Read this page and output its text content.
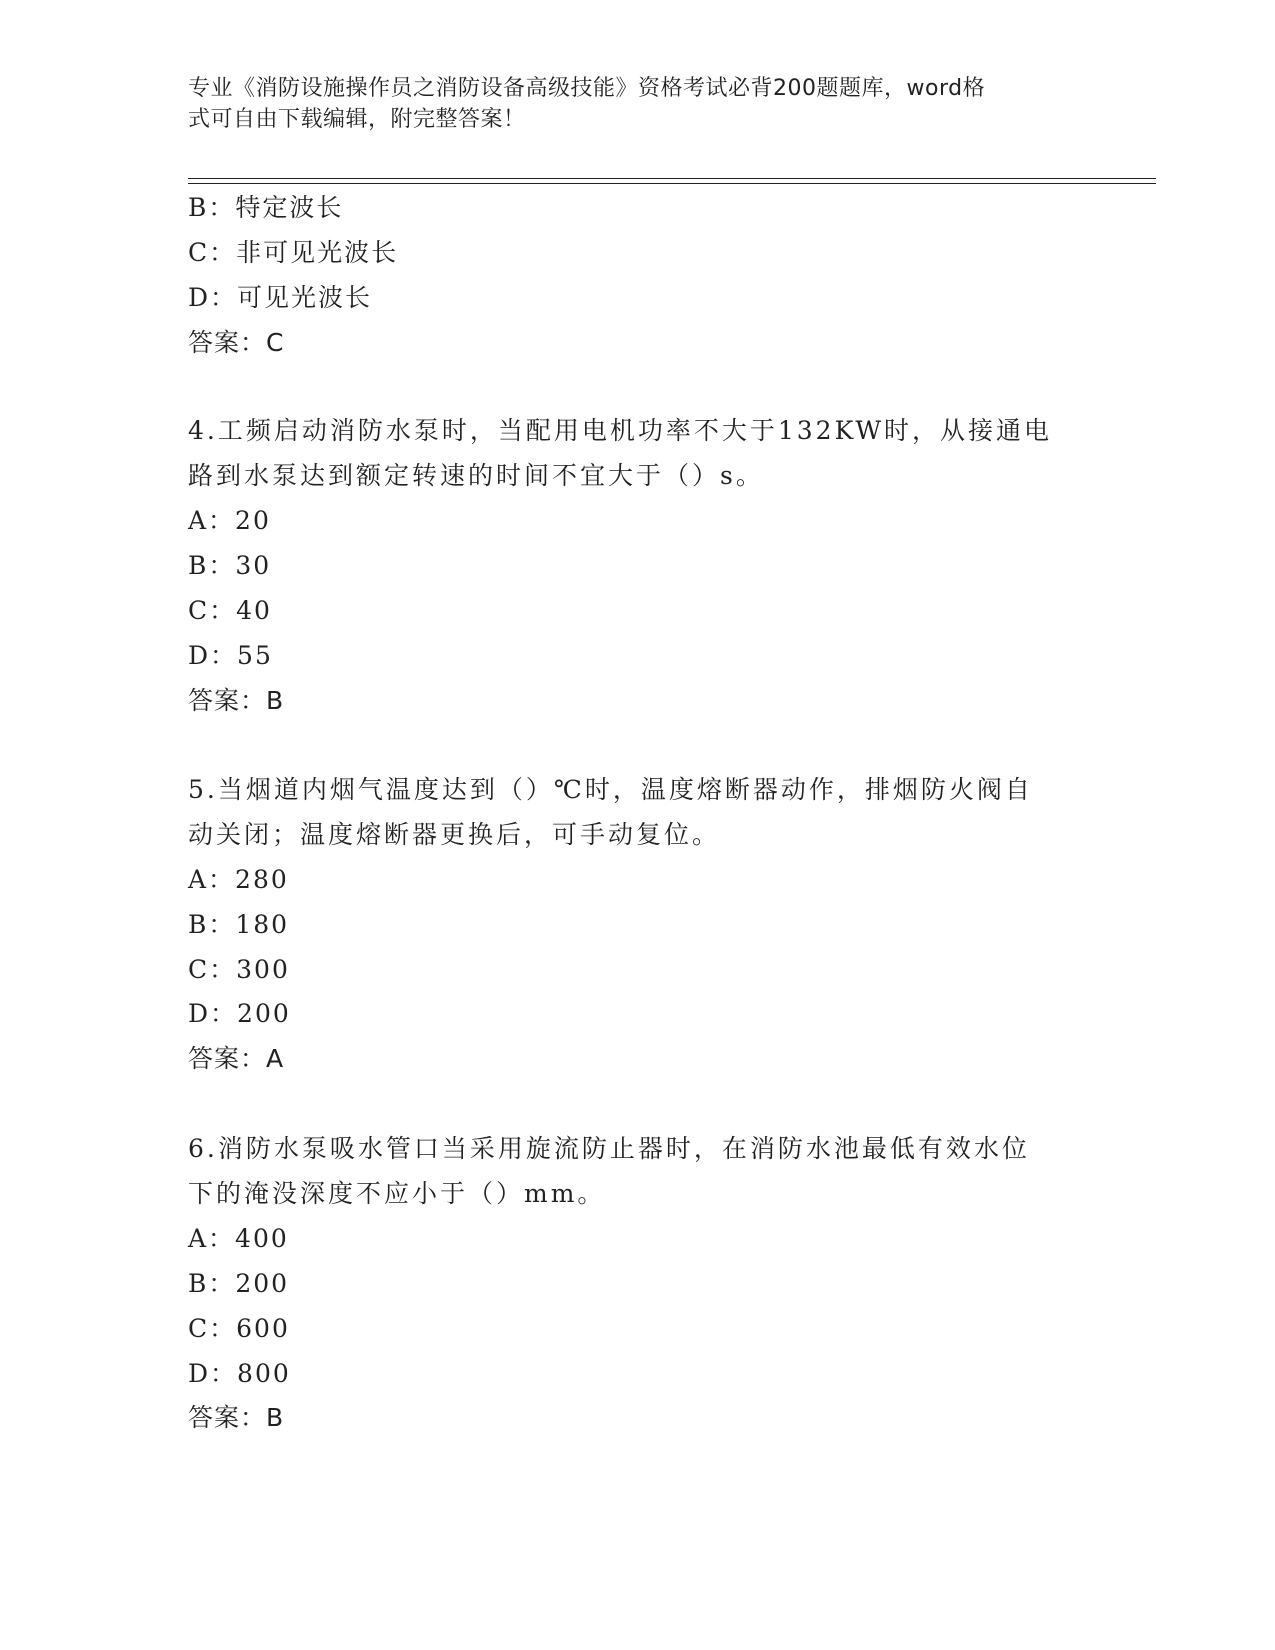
专业《消防设施操作员之消防设备高级技能》资格考试必背200题题库，word格
式可自由下载编辑，附完整答案！
B：特定波长
C：非可见光波长
D：可见光波长
答案：C
4.工频启动消防水泵时，当配用电机功率不大于132KW时，从接通电
路到水泵达到额定转速的时间不宜大于（）s。
A：20
B：30
C：40
D：55
答案：B
5.当烟道内烟气温度达到（）℃时，温度熔断器动作，排烟防火阀自
动关闭；温度熔断器更换后，可手动复位。
A：280
B：180
C：300
D：200
答案：A
6.消防水泵吸水管口当采用旋流防止器时，在消防水池最低有效水位
下的淹没深度不应小于（）mm。
A：400
B：200
C：600
D：800
答案：B
